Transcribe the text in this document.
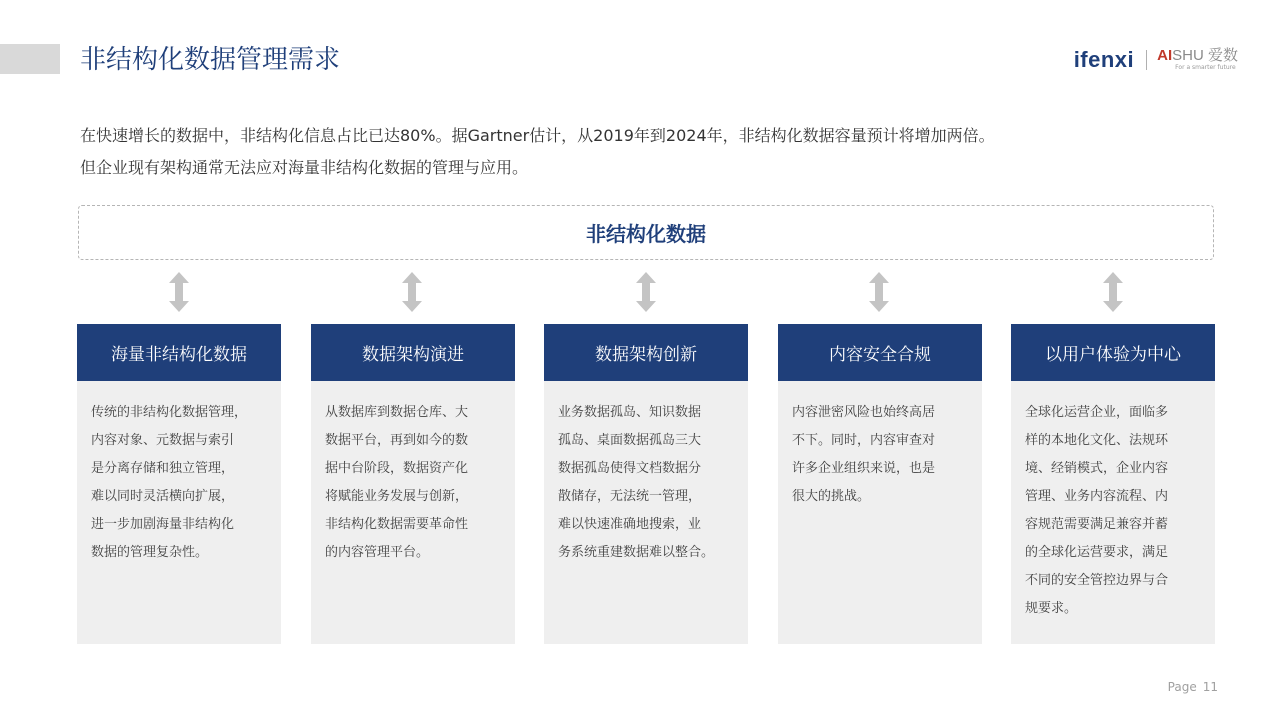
非结构化数据管理需求	ifenxi AISHU 爱数
For a smarter future
在快速增长的数据中，非结构化信息占比已达80%。据Gartner估计，从2019年到2024年，非结构化数据容量预计将增加两倍。
但企业现有架构通常无法应对海量非结构化数据的管理与应用。
非结构化数据
海量非结构化数据
传统的非结构化数据管理，
内容对象、元数据与索引
是分离存储和独立管理，
难以同时灵活横向扩展，
进一步加剧海量非结构化
数据的管理复杂性。
数据架构演进
从数据库到数据仓库、大
数据平台，再到如今的数
据中台阶段，数据资产化
将赋能业务发展与创新，
非结构化数据需要革命性
的内容管理平台。
数据架构创新
业务数据孤岛、知识数据
孤岛、桌面数据孤岛三大
数据孤岛使得文档数据分
散储存，无法统一管理，
难以快速准确地搜索，业
务系统重建数据难以整合。
内容安全合规
内容泄密风险也始终高居
不下。同时，内容审查对
许多企业组织来说，也是
很大的挑战。
以用户体验为中心
全球化运营企业，面临多
样的本地化文化、法规环
境、经销模式，企业内容
管理、业务内容流程、内
容规范需要满足兼容并蓄
的全球化运营要求，满足
不同的安全管控边界与合
规要求。
Page 11
